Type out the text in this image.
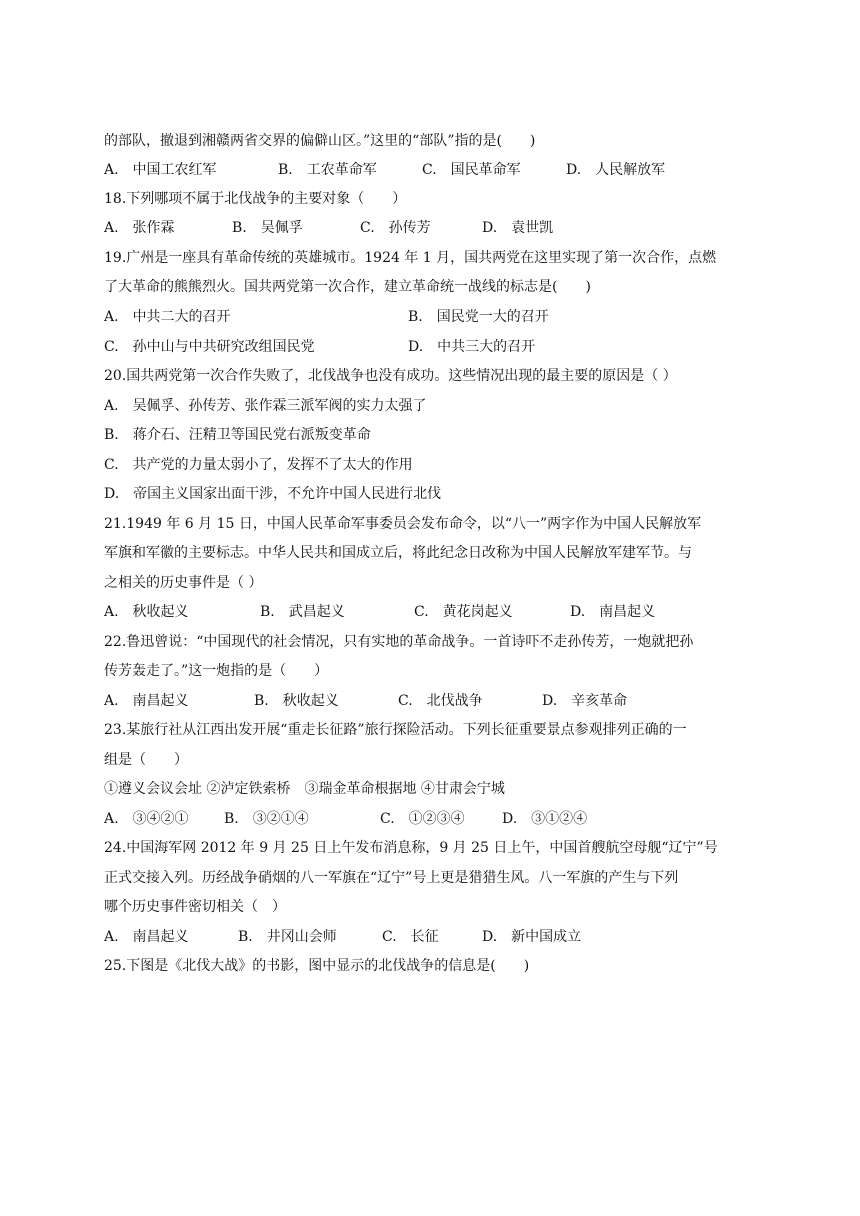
的部队，撤退到湘赣两省交界的偏僻山区。”这里的“部队”指的是(　　)
A.　中国工农红军	B.　工农革命军	C.　国民革命军	D.　人民解放军
18.下列哪项不属于北伐战争的主要对象（　　）
A.　张作霖	B.　吴佩孚	C.　孙传芳	D.　袁世凯
19.广州是一座具有革命传统的英雄城市。1924 年 1 月，国共两党在这里实现了第一次合作，点燃
了大革命的熊熊烈火。国共两党第一次合作，建立革命统一战线的标志是(　　)
A.　中共二大的召开	B.　国民党一大的召开
C.　孙中山与中共研究改组国民党	D.　中共三大的召开
20.国共两党第一次合作失败了，北伐战争也没有成功。这些情况出现的最主要的原因是（ ）
A.　吴佩孚、孙传芳、张作霖三派军阀的实力太强了
B.　蒋介石、汪精卫等国民党右派叛变革命
C.　共产党的力量太弱小了，发挥不了太大的作用
D.　帝国主义国家出面干涉，不允许中国人民进行北伐
21.1949 年 6 月 15 日，中国人民革命军事委员会发布命令，以“八一”两字作为中国人民解放军
军旗和军徽的主要标志。中华人民共和国成立后，将此纪念日改称为中国人民解放军建军节。与
之相关的历史事件是（ ）
A.　秋收起义	B.　武昌起义	C.　黄花岗起义	D.　南昌起义
22.鲁迅曾说：“中国现代的社会情况，只有实地的革命战争。一首诗吓不走孙传芳，一炮就把孙
传芳轰走了。”这一炮指的是（　　）
A.　南昌起义	B.　秋收起义	C.　北伐战争	D.　辛亥革命
23.某旅行社从江西出发开展“重走长征路”旅行探险活动。下列长征重要景点参观排列正确的一
组是（　　）
①遵义会议会址 ②泸定铁索桥　③瑞金革命根据地 ④甘肃会宁城
A.　③④②①	B.　③②①④	C.　①②③④	D.　③①②④
24.中国海军网 2012 年 9 月 25 日上午发布消息称，9 月 25 日上午，中国首艘航空母舰“辽宁”号
正式交接入列。历经战争硝烟的八一军旗在“辽宁”号上更是猎猎生风。八一军旗的产生与下列
哪个历史事件密切相关（　）
A.　南昌起义	B.　井冈山会师	C.　长征	D.　新中国成立
25.下图是《北伐大战》的书影，图中显示的北伐战争的信息是(　　)
